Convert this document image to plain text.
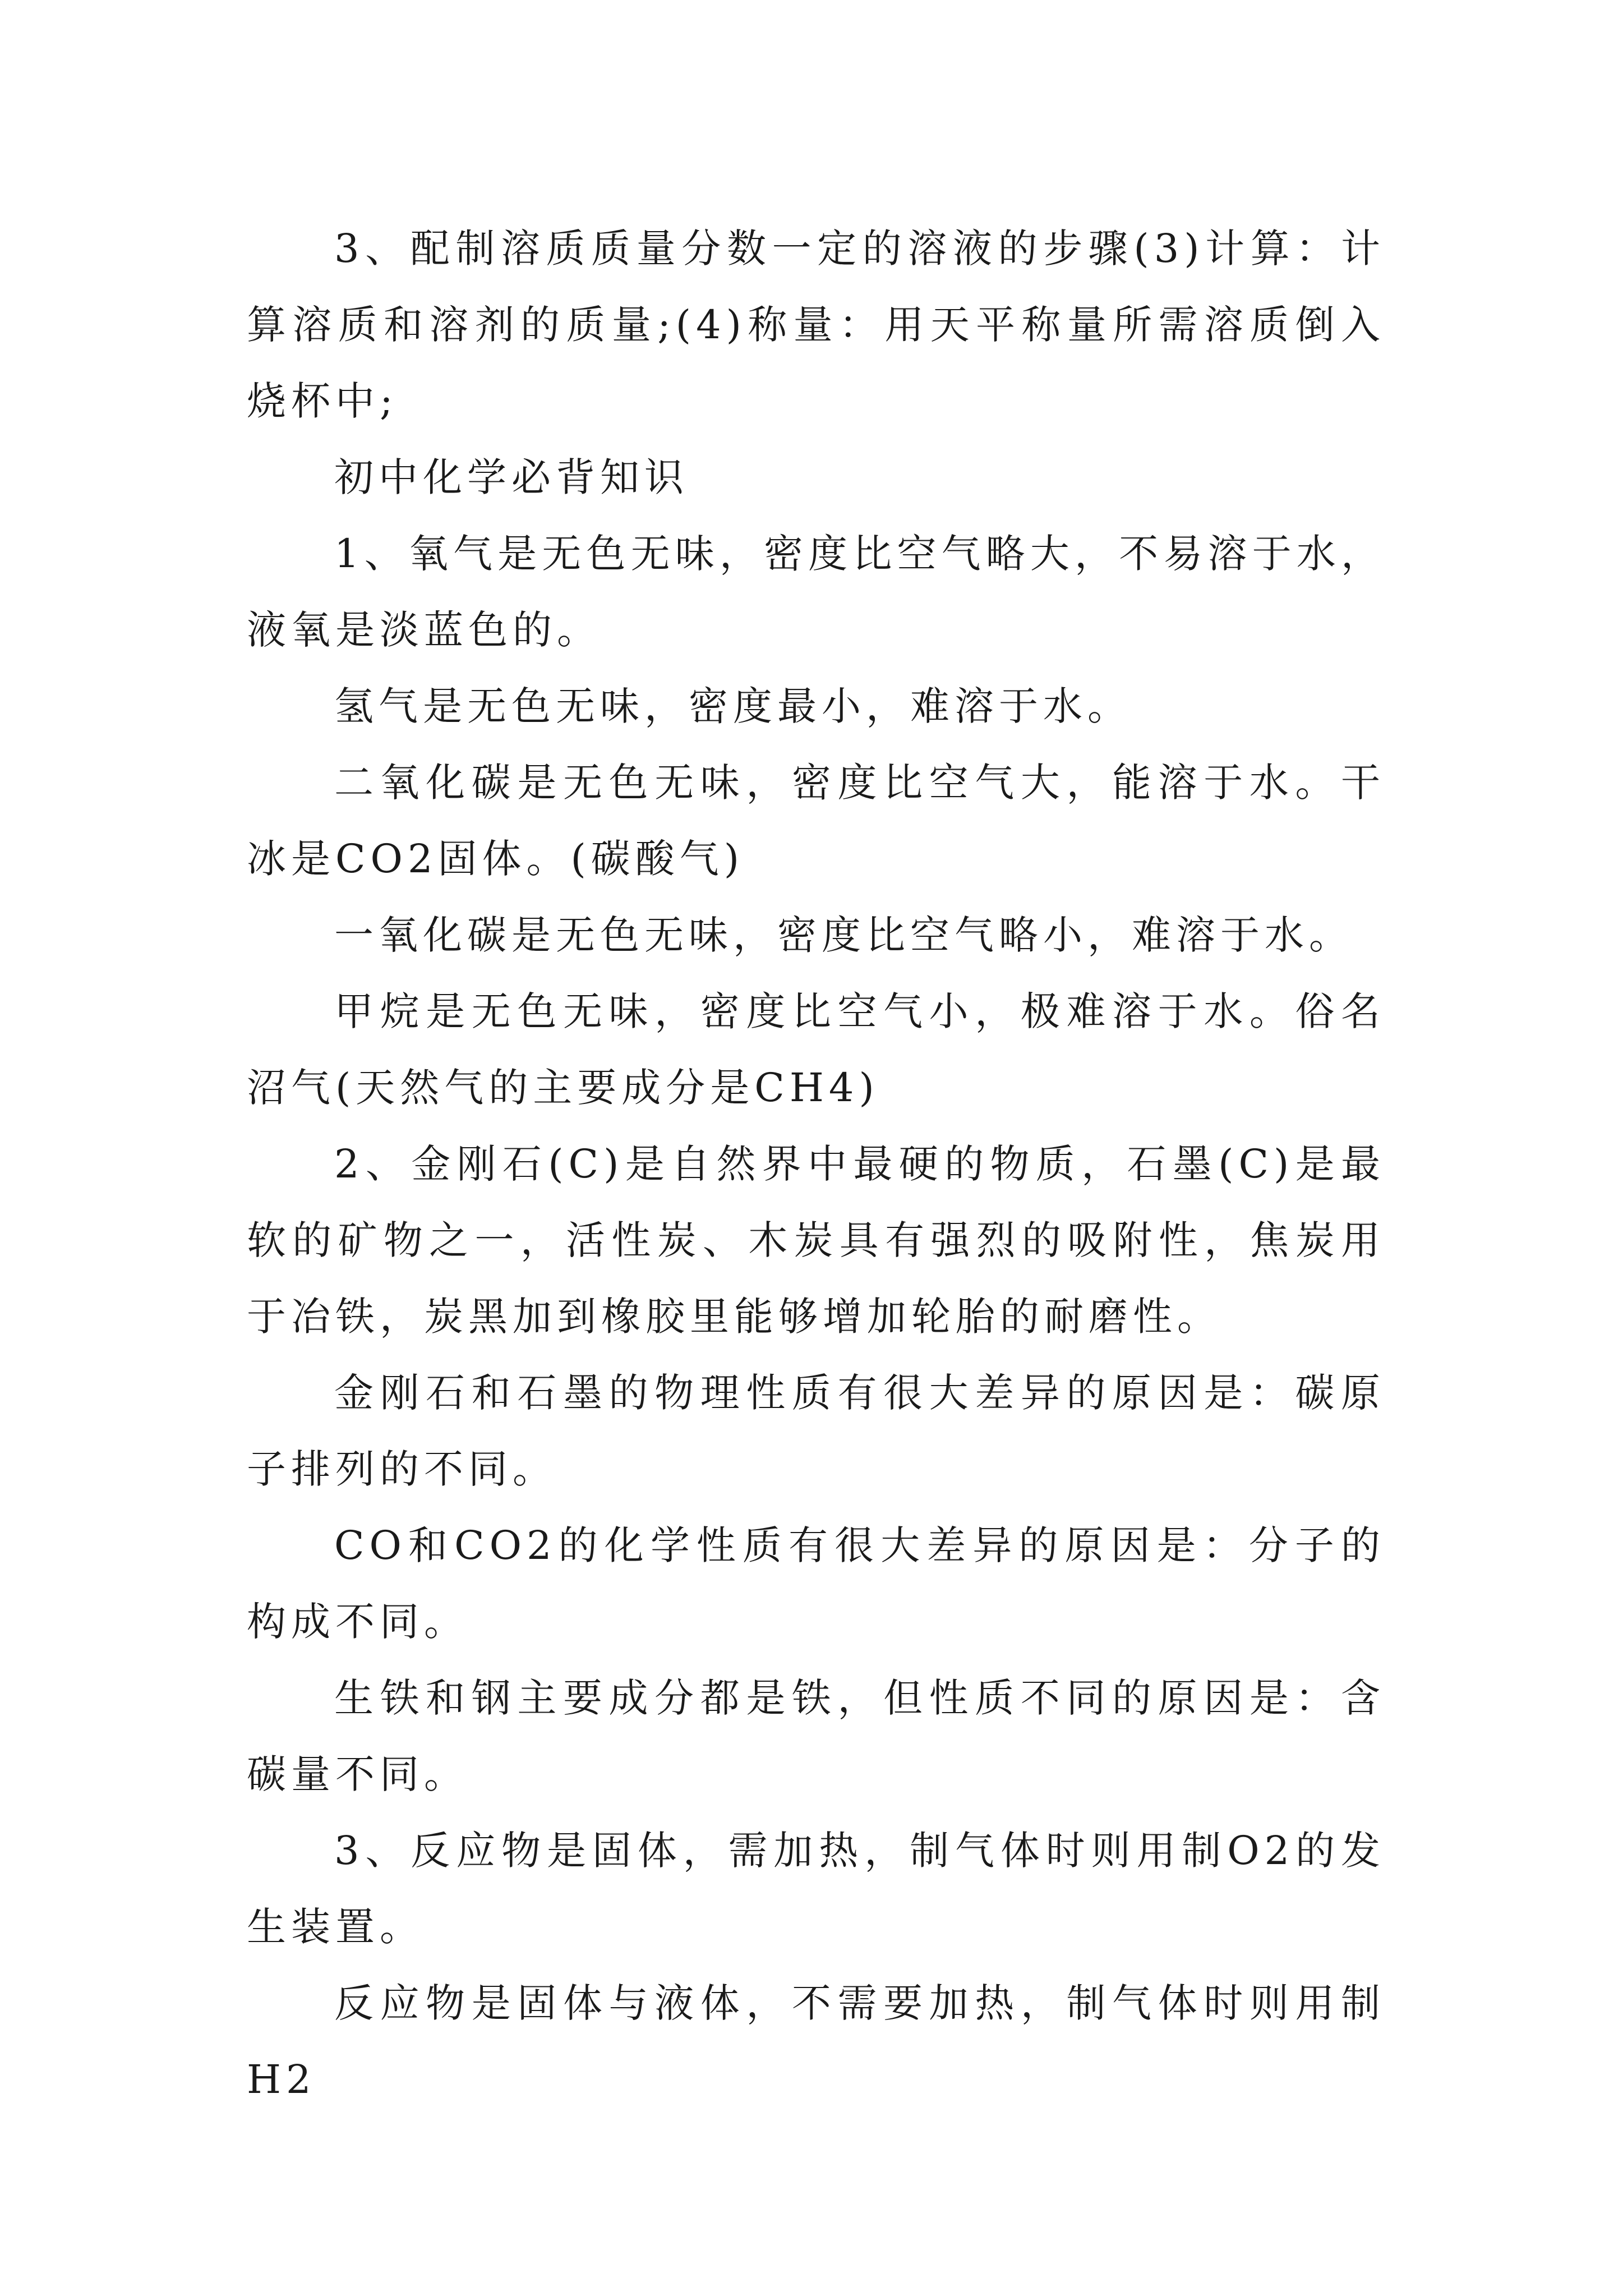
3、配制溶质质量分数一定的溶液的步骤(3)计算：计算溶质和溶剂的质量;(4)称量：用天平称量所需溶质倒入烧杯中;

初中化学必背知识

1、氧气是无色无味，密度比空气略大，不易溶于水，液氧是淡蓝色的。

氢气是无色无味，密度最小，难溶于水。

二氧化碳是无色无味，密度比空气大，能溶于水。干冰是CO2固体。(碳酸气)

一氧化碳是无色无味，密度比空气略小，难溶于水。

甲烷是无色无味，密度比空气小，极难溶于水。俗名沼气(天然气的主要成分是CH4)

2、金刚石(C)是自然界中最硬的物质，石墨(C)是最软的矿物之一，活性炭、木炭具有强烈的吸附性，焦炭用于冶铁，炭黑加到橡胶里能够增加轮胎的耐磨性。

金刚石和石墨的物理性质有很大差异的原因是：碳原子排列的不同。

CO和CO2的化学性质有很大差异的原因是：分子的构成不同。

生铁和钢主要成分都是铁，但性质不同的原因是：含碳量不同。

3、反应物是固体，需加热，制气体时则用制O2的发生装置。

反应物是固体与液体，不需要加热，制气体时则用制H2
